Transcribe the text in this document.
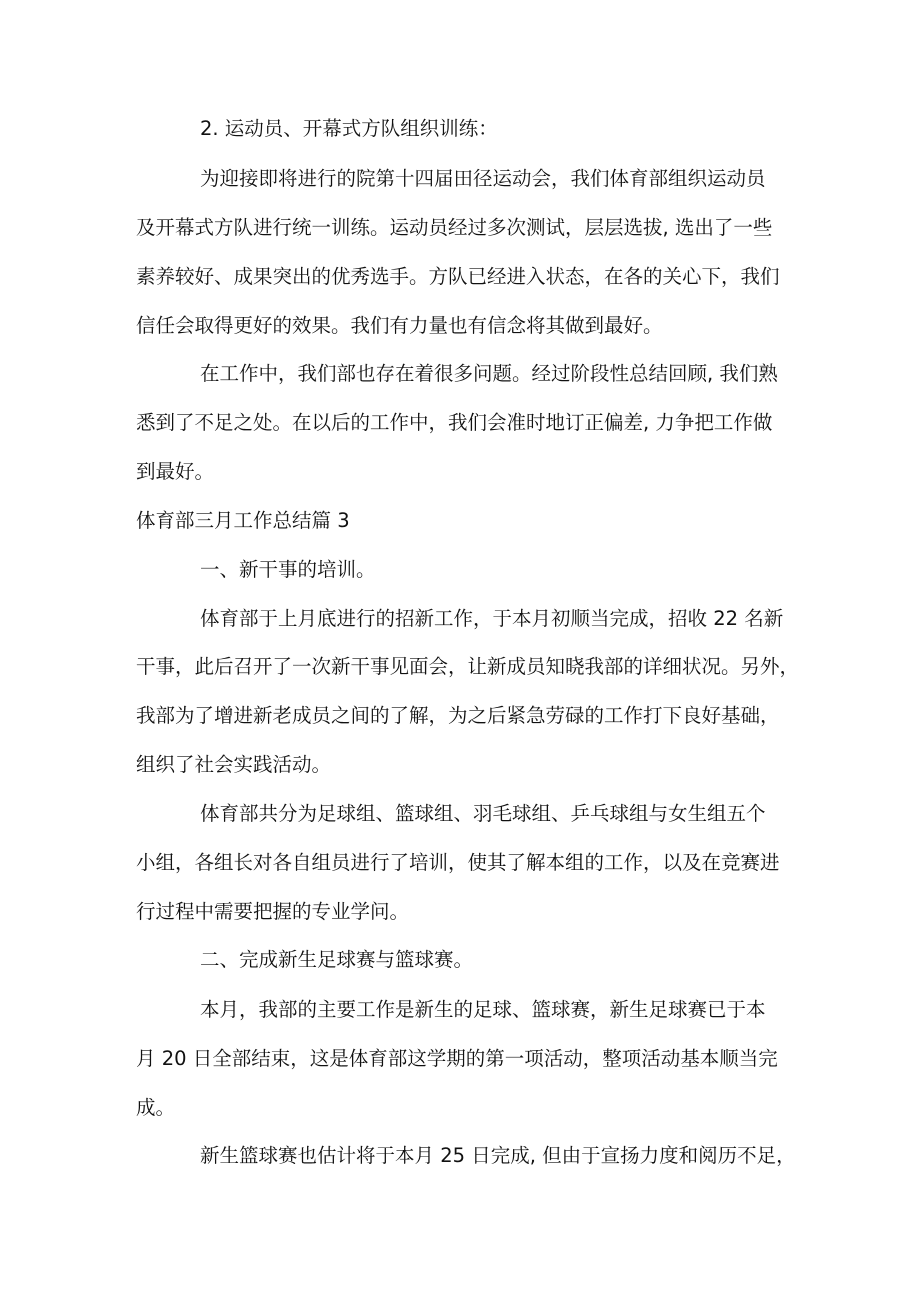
2. 运动员、开幕式方队组织训练：
为迎接即将进行的院第十四届田径运动会，我们体育部组织运动员
及开幕式方队进行统一训练。运动员经过多次测试，层层选拔, 选出了一些
素养较好、成果突出的优秀选手。方队已经进入状态，在各的关心下，我们
信任会取得更好的效果。我们有力量也有信念将其做到最好。
在工作中，我们部也存在着很多问题。经过阶段性总结回顾, 我们熟
悉到了不足之处。在以后的工作中，我们会准时地订正偏差, 力争把工作做
到最好。
体育部三月工作总结篇 3
一、新干事的培训。
体育部于上月底进行的招新工作，于本月初顺当完成，招收 22 名新
干事，此后召开了一次新干事见面会，让新成员知晓我部的详细状况。另外，
我部为了增进新老成员之间的了解，为之后紧急劳碌的工作打下良好基础，
组织了社会实践活动。
体育部共分为足球组、篮球组、羽毛球组、乒乓球组与女生组五个
小组，各组长对各自组员进行了培训，使其了解本组的工作，以及在竞赛进
行过程中需要把握的专业学问。
二、完成新生足球赛与篮球赛。
本月，我部的主要工作是新生的足球、篮球赛，新生足球赛已于本
月 20 日全部结束，这是体育部这学期的第一项活动，整项活动基本顺当完
成。
新生篮球赛也估计将于本月 25 日完成, 但由于宣扬力度和阅历不足，
